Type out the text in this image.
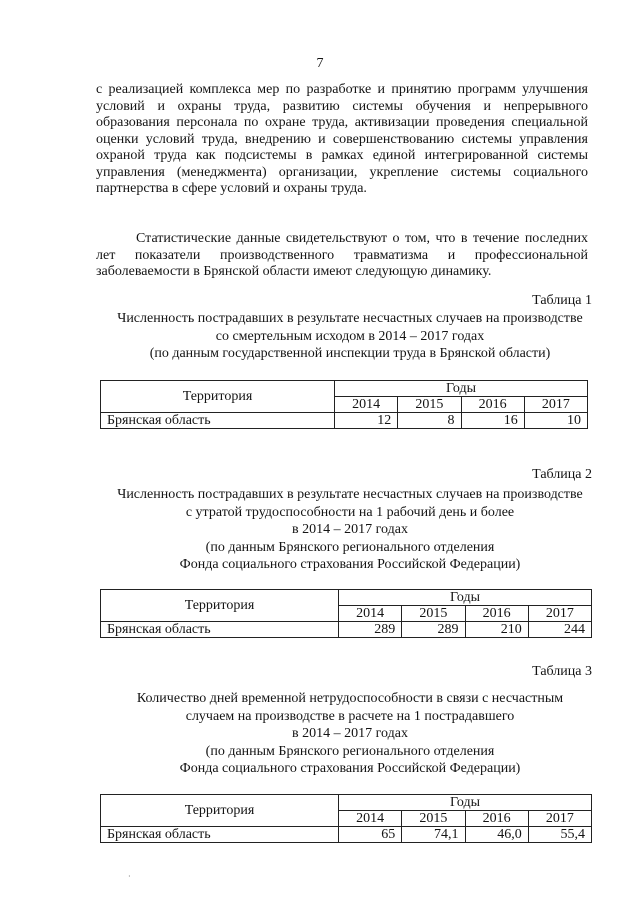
7

с реализацией комплекса мер по разработке и принятию программ улучшения условий и охраны труда, развитию системы обучения и непрерывного образования персонала по охране труда, активизации проведения специальной оценки условий труда, внедрению и совершенствованию системы управления охраной труда как подсистемы в рамках единой интегрированной системы управления (менеджмента) организации, укрепление системы социального партнерства в сфере условий и охраны труда.

Статистические данные свидетельствуют о том, что в течение последних лет показатели производственного травматизма и профессиональной заболеваемости в Брянской области имеют следующую динамику.

Таблица 1
Численность пострадавших в результате несчастных случаев на производстве
со смертельным исходом в 2014 – 2017 годах
(по данным государственной инспекции труда в Брянской области)
Территория	Годы			
	2014	2015	2016	2017
Брянская область	12	8	16	10
Таблица 2
Численность пострадавших в результате несчастных случаев на производстве
с утратой трудоспособности на 1 рабочий день и более
в 2014 – 2017 годах
(по данным Брянского регионального отделения
Фонда социального страхования Российской Федерации)
Территория	Годы			
	2014	2015	2016	2017
Брянская область	289	289	210	244
Таблица 3
Количество дней временной нетрудоспособности в связи с несчастным
случаем на производстве в расчете на 1 пострадавшего
в 2014 – 2017 годах
(по данным Брянского регионального отделения
Фонда социального страхования Российской Федерации)
Территория	Годы			
	2014	2015	2016	2017
Брянская область	65	74,1	46,0	55,4
·
